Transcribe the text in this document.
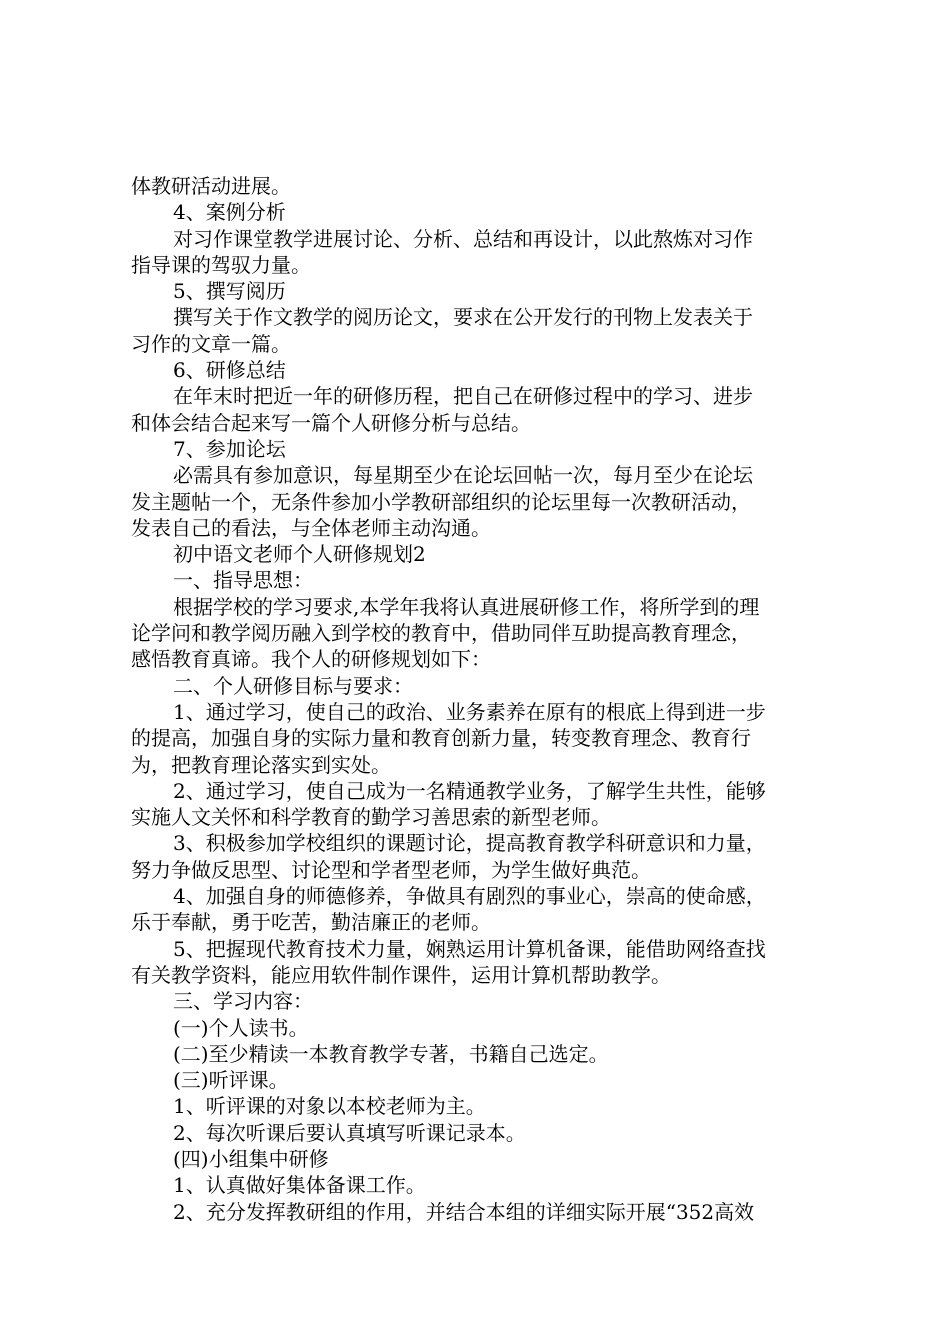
体教研活动进展。
4、案例分析
对习作课堂教学进展讨论、分析、总结和再设计，以此熬炼对习作
指导课的驾驭力量。
5、撰写阅历
撰写关于作文教学的阅历论文，要求在公开发行的刊物上发表关于
习作的文章一篇。
6、研修总结
在年末时把近一年的研修历程，把自己在研修过程中的学习、进步
和体会结合起来写一篇个人研修分析与总结。
7、参加论坛
必需具有参加意识，每星期至少在论坛回帖一次，每月至少在论坛
发主题帖一个，无条件参加小学教研部组织的论坛里每一次教研活动，
发表自己的看法，与全体老师主动沟通。
初中语文老师个人研修规划2
一、指导思想：
根据学校的学习要求,本学年我将认真进展研修工作，将所学到的理
论学问和教学阅历融入到学校的教育中，借助同伴互助提高教育理念，
感悟教育真谛。我个人的研修规划如下：
二、个人研修目标与要求：
1、通过学习，使自己的政治、业务素养在原有的根底上得到进一步
的提高，加强自身的实际力量和教育创新力量，转变教育理念、教育行
为，把教育理论落实到实处。
2、通过学习，使自己成为一名精通教学业务，了解学生共性，能够
实施人文关怀和科学教育的勤学习善思索的新型老师。
3、积极参加学校组织的课题讨论，提高教育教学科研意识和力量，
努力争做反思型、讨论型和学者型老师，为学生做好典范。
4、加强自身的师德修养，争做具有剧烈的事业心，崇高的使命感，
乐于奉献，勇于吃苦，勤洁廉正的老师。
5、把握现代教育技术力量，娴熟运用计算机备课，能借助网络查找
有关教学资料，能应用软件制作课件，运用计算机帮助教学。
三、学习内容：
(一)个人读书。
(二)至少精读一本教育教学专著，书籍自己选定。
(三)听评课。
1、听评课的对象以本校老师为主。
2、每次听课后要认真填写听课记录本。
(四)小组集中研修
1、认真做好集体备课工作。
2、充分发挥教研组的作用，并结合本组的详细实际开展“352高效
